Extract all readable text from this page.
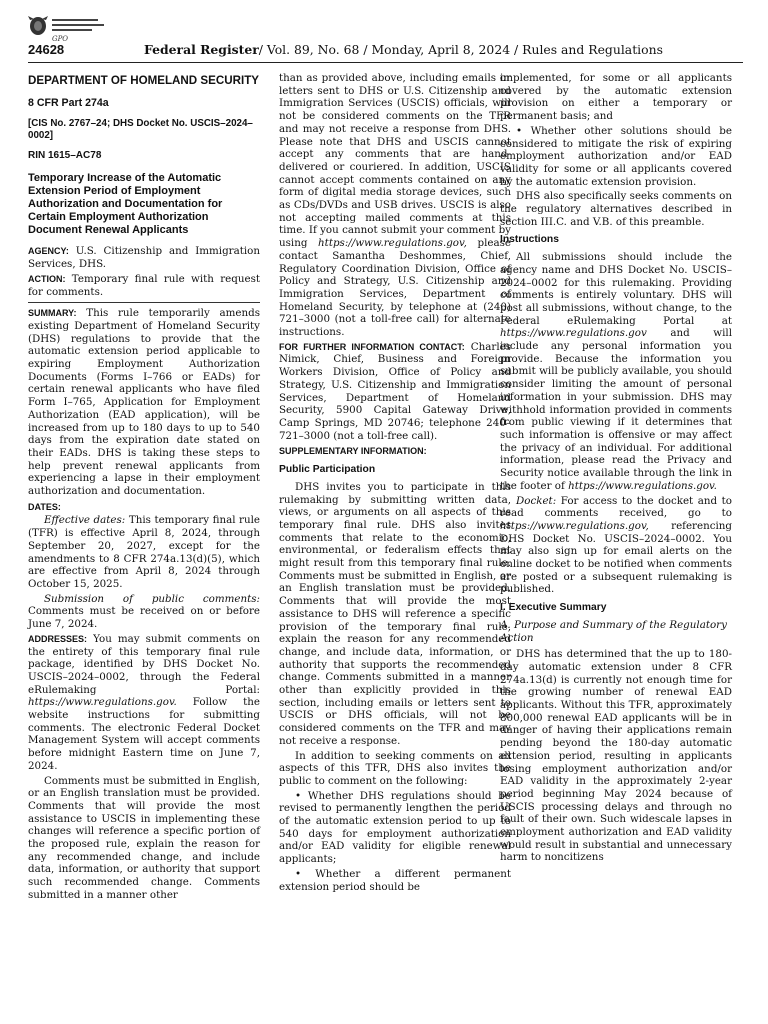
GPO
24628	Federal Register/ Vol. 89, No. 68 / Monday, April 8, 2024 / Rules and Regulations
DEPARTMENT OF HOMELAND SECURITY
8 CFR Part 274a
[CIS No. 2767–24; DHS Docket No. USCIS–2024–0002]
RIN 1615–AC78
Temporary Increase of the Automatic Extension Period of Employment Authorization and Documentation for Certain Employment Authorization Document Renewal Applicants

AGENCY: U.S. Citizenship and Immigration Services, DHS.

ACTION: Temporary final rule with request for comments.

SUMMARY: This rule temporarily amends existing Department of Homeland Security (DHS) regulations to provide that the automatic extension period applicable to expiring Employment Authorization Documents (Forms I–766 or EADs) for certain renewal applicants who have filed Form I–765, Application for Employment Authorization (EAD application), will be increased from up to 180 days to up to 540 days from the expiration date stated on their EADs. DHS is taking these steps to help prevent renewal applicants from experiencing a lapse in their employment authorization and documentation.

DATES:

Effective dates: This temporary final rule (TFR) is effective April 8, 2024, through September 20, 2027, except for the amendments to 8 CFR 274a.13(d)(5), which are effective from April 8, 2024 through October 15, 2025.

Submission of public comments: Comments must be received on or before June 7, 2024.

ADDRESSES: You may submit comments on the entirety of this temporary final rule package, identified by DHS Docket No. USCIS–2024–0002, through the Federal eRulemaking Portal: https://www.regulations.gov. Follow the website instructions for submitting comments. The electronic Federal Docket Management System will accept comments before midnight Eastern time on June 7, 2024.

Comments must be submitted in English, or an English translation must be provided. Comments that will provide the most assistance to USCIS in implementing these changes will reference a specific portion of the proposed rule, explain the reason for any recommended change, and include data, information, or authority that support such recommended change. Comments submitted in a manner other

than as provided above, including emails or letters sent to DHS or U.S. Citizenship and Immigration Services (USCIS) officials, will not be considered comments on the TFR and may not receive a response from DHS. Please note that DHS and USCIS cannot accept any comments that are hand-delivered or couriered. In addition, USCIS cannot accept comments contained on any form of digital media storage devices, such as CDs/DVDs and USB drives. USCIS is also not accepting mailed comments at this time. If you cannot submit your comment by using https://www.regulations.gov, please contact Samantha Deshommes, Chief, Regulatory Coordination Division, Office of Policy and Strategy, U.S. Citizenship and Immigration Services, Department of Homeland Security, by telephone at (240) 721–3000 (not a toll-free call) for alternate instructions.

FOR FURTHER INFORMATION CONTACT: Charles Nimick, Chief, Business and Foreign Workers Division, Office of Policy and Strategy, U.S. Citizenship and Immigration Services, Department of Homeland Security, 5900 Capital Gateway Drive, Camp Springs, MD 20746; telephone 240–721–3000 (not a toll-free call).

SUPPLEMENTARY INFORMATION:
Public Participation

DHS invites you to participate in this rulemaking by submitting written data, views, or arguments on all aspects of this temporary final rule. DHS also invites comments that relate to the economic, environmental, or federalism effects that might result from this temporary final rule. Comments must be submitted in English, or an English translation must be provided. Comments that will provide the most assistance to DHS will reference a specific provision of the temporary final rule, explain the reason for any recommended change, and include data, information, or authority that supports the recommended change. Comments submitted in a manner other than explicitly provided in this section, including emails or letters sent to USCIS or DHS officials, will not be considered comments on the TFR and may not receive a response.

In addition to seeking comments on all aspects of this TFR, DHS also invites the public to comment on the following:

• Whether DHS regulations should be revised to permanently lengthen the period of the automatic extension period to up to 540 days for employment authorization and/or EAD validity for eligible renewal applicants;

• Whether a different permanent extension period should be

implemented, for some or all applicants covered by the automatic extension provision on either a temporary or permanent basis; and

• Whether other solutions should be considered to mitigate the risk of expiring employment authorization and/or EAD validity for some or all applicants covered by the automatic extension provision.

DHS also specifically seeks comments on the regulatory alternatives described in section III.C. and V.B. of this preamble.

Instructions

All submissions should include the agency name and DHS Docket No. USCIS–2024–0002 for this rulemaking. Providing comments is entirely voluntary. DHS will post all submissions, without change, to the Federal eRulemaking Portal at https://www.regulations.gov and will include any personal information you provide. Because the information you submit will be publicly available, you should consider limiting the amount of personal information in your submission. DHS may withhold information provided in comments from public viewing if it determines that such information is offensive or may affect the privacy of an individual. For additional information, please read the Privacy and Security notice available through the link in the footer of https://www.regulations.gov.

Docket: For access to the docket and to read comments received, go to https://www.regulations.gov, referencing DHS Docket No. USCIS–2024–0002. You may also sign up for email alerts on the online docket to be notified when comments are posted or a subsequent rulemaking is published.

I. Executive Summary
A. Purpose and Summary of the Regulatory Action

DHS has determined that the up to 180-day automatic extension under 8 CFR 274a.13(d) is currently not enough time for the growing number of renewal EAD applicants. Without this TFR, approximately 800,000 renewal EAD applicants will be in danger of having their applications remain pending beyond the 180-day automatic extension period, resulting in applicants losing employment authorization and/or EAD validity in the approximately 2-year period beginning May 2024 because of USCIS processing delays and through no fault of their own. Such widescale lapses in employment authorization and EAD validity would result in substantial and unnecessary harm to noncitizens
